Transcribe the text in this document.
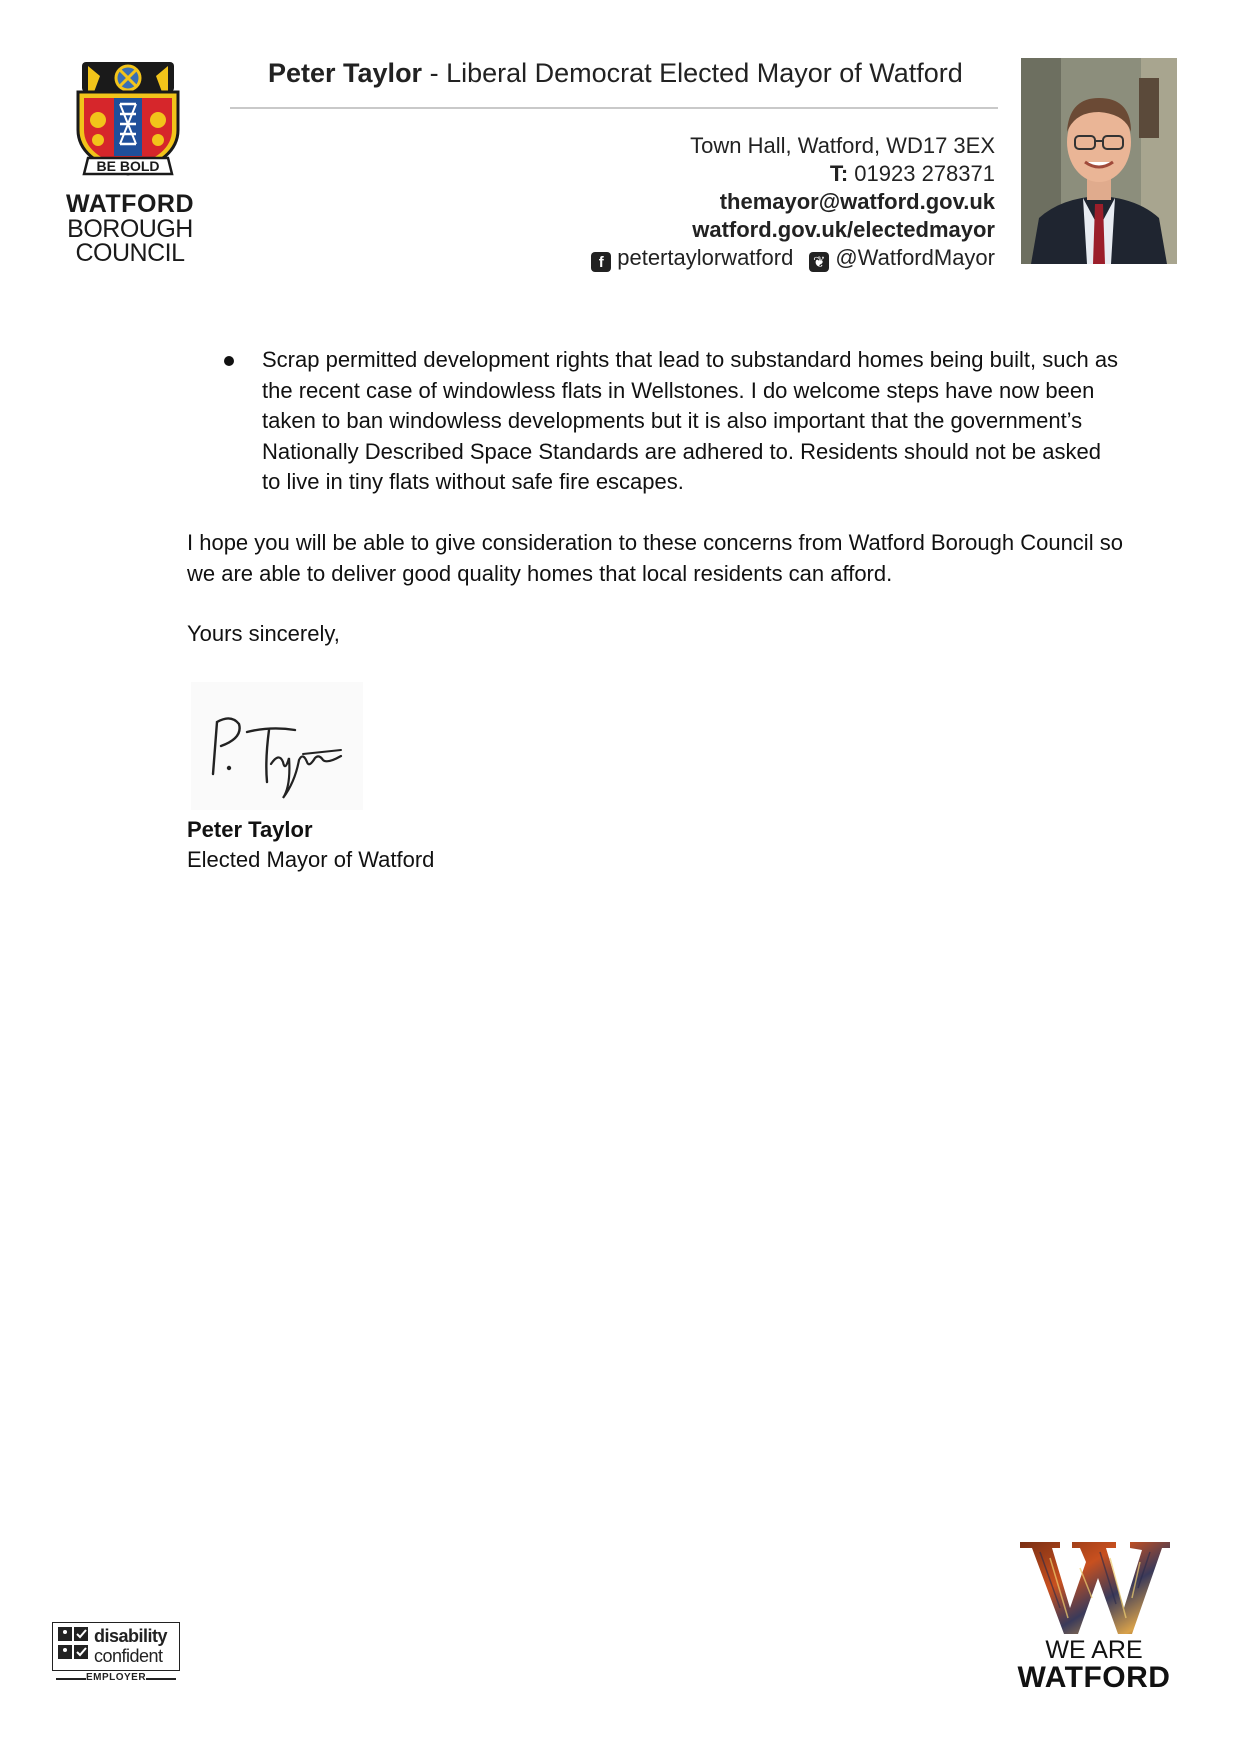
BE BOLD
WATFORD
BOROUGH
COUNCIL
Peter Taylor - Liberal Democrat Elected Mayor of Watford
Town Hall, Watford, WD17 3EX
T: 01923 278371
themayor@watford.gov.uk
watford.gov.uk/electedmayor
f petertaylorwatford ❦ @WatfordMayor
Scrap permitted development rights that lead to substandard homes being built, such as the recent case of windowless flats in Wellstones. I do welcome steps have now been taken to ban windowless developments but it is also important that the government’s Nationally Described Space Standards are adhered to. Residents should not be asked to live in tiny flats without safe fire escapes.
I hope you will be able to give consideration to these concerns from Watford Borough Council so we are able to deliver good quality homes that local residents can afford.
Yours sincerely,
Peter Taylor
Elected Mayor of Watford
disability
confident
EMPLOYER
WE ARE
WATFORD
